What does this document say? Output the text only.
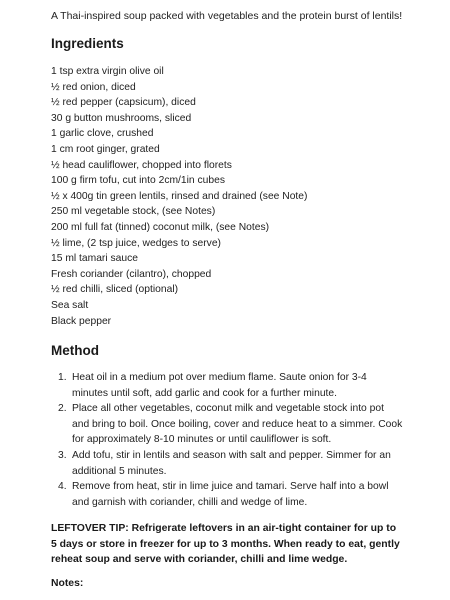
A Thai-inspired soup packed with vegetables and the protein burst of lentils!
Ingredients
1 tsp extra virgin olive oil
½ red onion, diced
½ red pepper (capsicum), diced
30 g button mushrooms, sliced
1 garlic clove, crushed
1 cm root ginger, grated
½ head cauliflower, chopped into florets
100 g firm tofu, cut into 2cm/1in cubes
½ x 400g tin green lentils, rinsed and drained (see Note)
250 ml vegetable stock, (see Notes)
200 ml full fat (tinned) coconut milk, (see Notes)
½ lime, (2 tsp juice, wedges to serve)
15 ml tamari sauce
Fresh coriander (cilantro), chopped
½ red chilli, sliced (optional)
Sea salt
Black pepper
Method
1. Heat oil in a medium pot over medium flame. Saute onion for 3-4 minutes until soft, add garlic and cook for a further minute.
2. Place all other vegetables, coconut milk and vegetable stock into pot and bring to boil. Once boiling, cover and reduce heat to a simmer. Cook for approximately 8-10 minutes or until cauliflower is soft.
3. Add tofu, stir in lentils and season with salt and pepper. Simmer for an additional 5 minutes.
4. Remove from heat, stir in lime juice and tamari. Serve half into a bowl and garnish with coriander, chilli and wedge of lime.
LEFTOVER TIP: Refrigerate leftovers in an air-tight container for up to 5 days or store in freezer for up to 3 months. When ready to eat, gently reheat soup and serve with coriander, chilli and lime wedge.
Notes:
